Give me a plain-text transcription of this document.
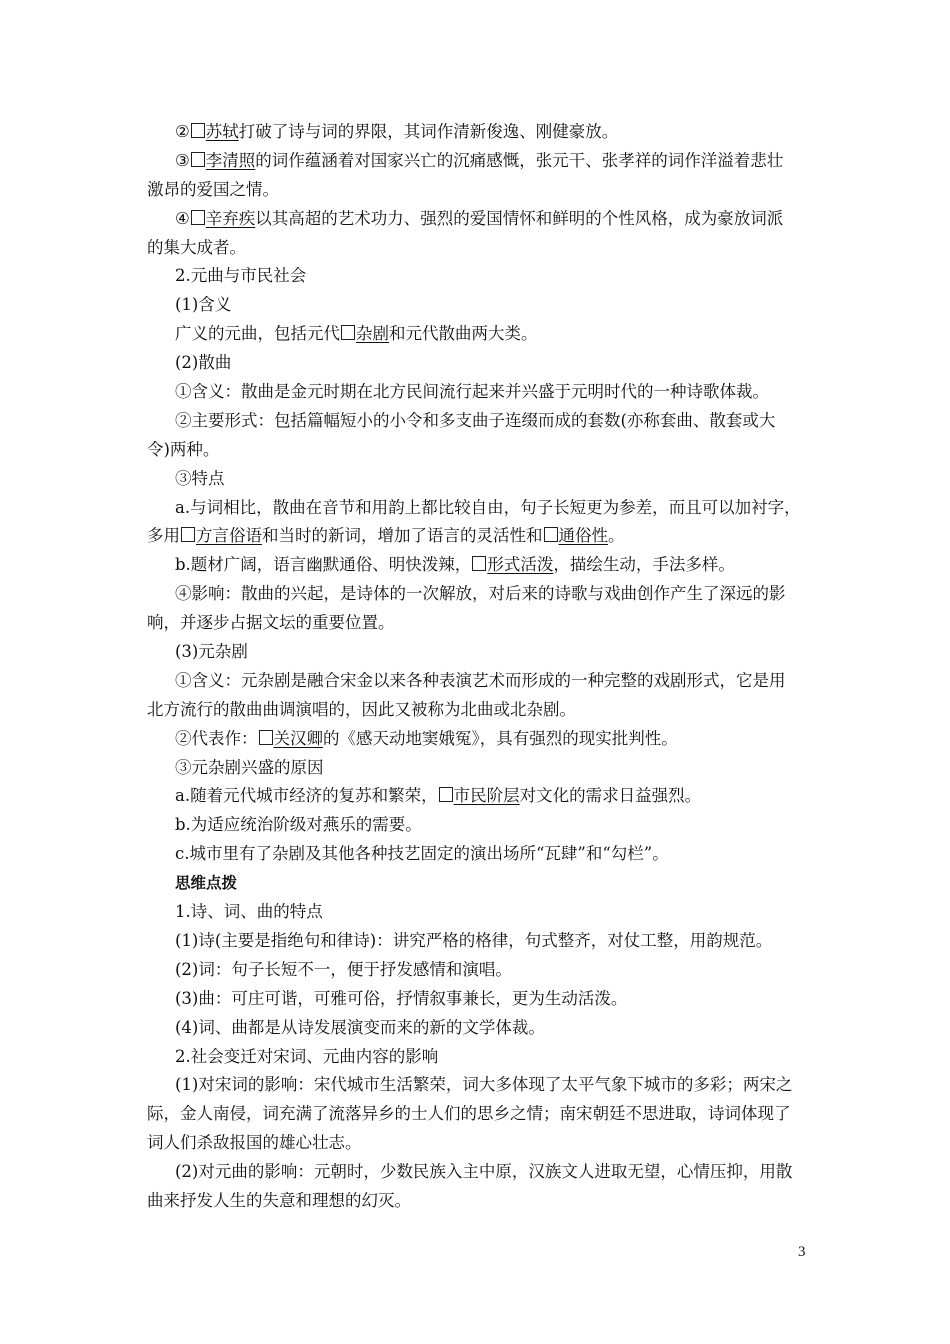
② 苏轼打破了诗与词的界限，其词作清新俊逸、刚健豪放。
③ 李清照的词作蕴涵着对国家兴亡的沉痛感慨，张元干、张孝祥的词作洋溢着悲壮
激昂的爱国之情。
④ 辛弃疾以其高超的艺术功力、强烈的爱国情怀和鲜明的个性风格，成为豪放词派
的集大成者。
2.元曲与市民社会
(1)含义
广义的元曲，包括元代 杂剧和元代散曲两大类。
(2)散曲
①含义：散曲是金元时期在北方民间流行起来并兴盛于元明时代的一种诗歌体裁。
②主要形式：包括篇幅短小的小令和多支曲子连缀而成的套数(亦称套曲、散套或大
令)两种。
③特点
a.与词相比，散曲在音节和用韵上都比较自由，句子长短更为参差，而且可以加衬字，
多用 方言俗语和当时的新词，增加了语言的灵活性和 通俗性。
b.题材广阔，语言幽默通俗、明快泼辣， 形式活泼，描绘生动，手法多样。
④影响：散曲的兴起，是诗体的一次解放，对后来的诗歌与戏曲创作产生了深远的影
响，并逐步占据文坛的重要位置。
(3)元杂剧
①含义：元杂剧是融合宋金以来各种表演艺术而形成的一种完整的戏剧形式，它是用
北方流行的散曲曲调演唱的，因此又被称为北曲或北杂剧。
②代表作： 关汉卿的《感天动地窦娥冤》，具有强烈的现实批判性。
③元杂剧兴盛的原因
a.随着元代城市经济的复苏和繁荣， 市民阶层对文化的需求日益强烈。
b.为适应统治阶级对燕乐的需要。
c.城市里有了杂剧及其他各种技艺固定的演出场所“瓦肆”和“勾栏”。
思维点拨
1.诗、词、曲的特点
(1)诗(主要是指绝句和律诗)：讲究严格的格律，句式整齐，对仗工整，用韵规范。
(2)词：句子长短不一，便于抒发感情和演唱。
(3)曲：可庄可谐，可雅可俗，抒情叙事兼长，更为生动活泼。
(4)词、曲都是从诗发展演变而来的新的文学体裁。
2.社会变迁对宋词、元曲内容的影响
(1)对宋词的影响：宋代城市生活繁荣，词大多体现了太平气象下城市的多彩；两宋之
际，金人南侵，词充满了流落异乡的士人们的思乡之情；南宋朝廷不思进取，诗词体现了
词人们杀敌报国的雄心壮志。
(2)对元曲的影响：元朝时，少数民族入主中原，汉族文人进取无望，心情压抑，用散
曲来抒发人生的失意和理想的幻灭。
3
